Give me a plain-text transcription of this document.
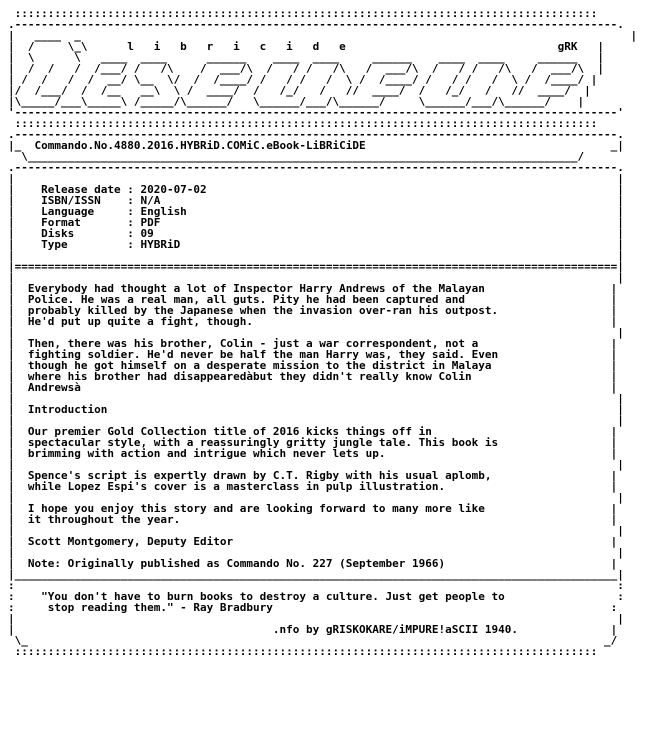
::::::::::::::::::::::::::::::::::::::::::::::::::::::::::::::::::::::::::::::::::::::::
.-------------------------------------------------------------------------------------------.
|   ____  _                                                                                   |
|  /     \_\      l   i   b   r   i   c   i   d   e                                gRK   |
|  \      \   ____  ____      ______    ____  ____     ______    ____  ____     ______   |
|  /  /   /  /___/ /   /\    /  ___/\  /   / /   /\   /  ___/\  /   / /   /\   /  ___/\  |
| /  /   /  /  __/ \__  \/  /  /____/ /   / /   /  \ /  /____/ /   / /   /  \ /  /____/ |
|/  /___/  /  /__   __\  \ /  ____/  /   /_/   /   //  ____/  /   /_/   /   //  ____/  |
|\_____/___\_____\ /_____/\______/   \______/___/\______/     \______/___/\______/    |
'-------------------------------------------------------------------------------------------'
::::::::::::::::::::::::::::::::::::::::::::::::::::::::::::::::::::::::::::::::::::::::
.-------------------------------------------------------------------------------------------.
|_  Commando.No.4880.2016.HYBRiD.COMiC.eBook-LiBRiCiDE                                     _|
\___________________________________________________________________________________/
.-------------------------------------------------------------------------------------------.
|                                                                                           |
|    Release date : 2020-07-02                                                              |
|    ISBN/ISSN    : N/A                                                                     |
|    Language     : English                                                                 |
|    Format       : PDF                                                                     |
|    Disks        : 09                                                                      |
|    Type         : HYBRiD                                                                  |
|                                                                                           |
|===========================================================================================|
|                                                                                           |
|  Everybody had thought a lot of Inspector Harry Andrews of the Malayan                   |
|  Police. He was a real man, all guts. Pity he had been captured and                      |
|  probably killed by the Japanese when the invasion over-ran his outpost.                 |
|  He'd put up quite a fight, though.                                                      |
|                                                                                           |
|  Then, there was his brother, Colin - just a war correspondent, not a                    |
|  fighting soldier. He'd never be half the man Harry was, they said. Even                 |
|  though he got himself on a desperate mission to the district in Malaya                  |
|  where his brother had disappearedàbut they didn't really know Colin                     |
|  Andrewsà                                                                                |
|                                                                                           |
|  Introduction                                                                             |
|                                                                                           |
|  Our premier Gold Collection title of 2016 kicks things off in                           |
|  spectacular style, with a reassuringly gritty jungle tale. This book is                 |
|  brimming with action and intrigue which never lets up.                                  |
|                                                                                           |
|  Spence's script is expertly drawn by C.T. Rigby with his usual aplomb,                  |
|  while Lopez Espi's cover is a masterclass in pulp illustration.                         |
|                                                                                           |
|  I hope you enjoy this story and are looking forward to many more like                   |
|  it throughout the year.                                                                 |
|                                                                                           |
|  Scott Montgomery, Deputy Editor                                                         |
|                                                                                           |
|  Note: Originally published as Commando No. 227 (September 1966)                         |
|___________________________________________________________________________________________|
:                                                                                           :
:    "You don't have to burn books to destroy a culture. Just get people to                 :
:     stop reading them." - Ray Bradbury                                                   :
|                                                                                           |
|                                       .nfo by gRISKOKARE/iMPURE!aSCII 1940.              |
\_                                                                                       _/
::::::::::::::::::::::::::::::::::::::::::::::::::::::::::::::::::::::::::::::::::::::::
